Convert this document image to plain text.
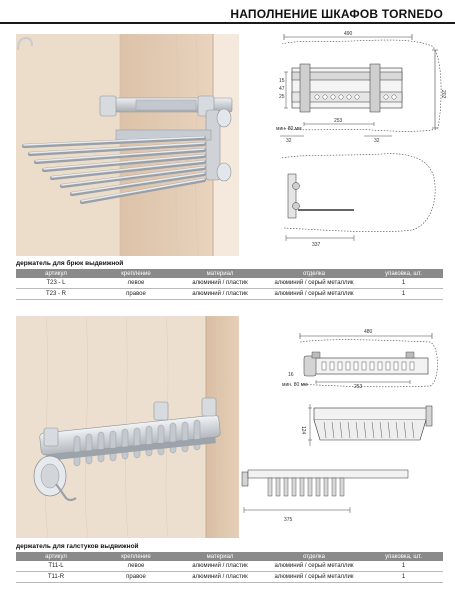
НАПОЛНЕНИЕ ШКАФОВ TORNEDO
490
202
15
47
25
мин. 80 мм
253
32	32
337
держатель для брюк выдвижной
артикул	крепление	материал	отделка	упаковка, шт.
T23 - L	левое	алюминий / пластик	алюминий / серый металлик	1
T23 - R	правое	алюминий / пластик	алюминий / серый металлик	1
480
мин. 80 мм	253
16
124
375
держатель для галстуков выдвижной
артикул	крепление	материал	отделка	упаковка, шт.
T11-L	левое	алюминий / пластик	алюминий / серый металлик	1
T11-R	правое	алюминий / пластик	алюминий / серый металлик	1
